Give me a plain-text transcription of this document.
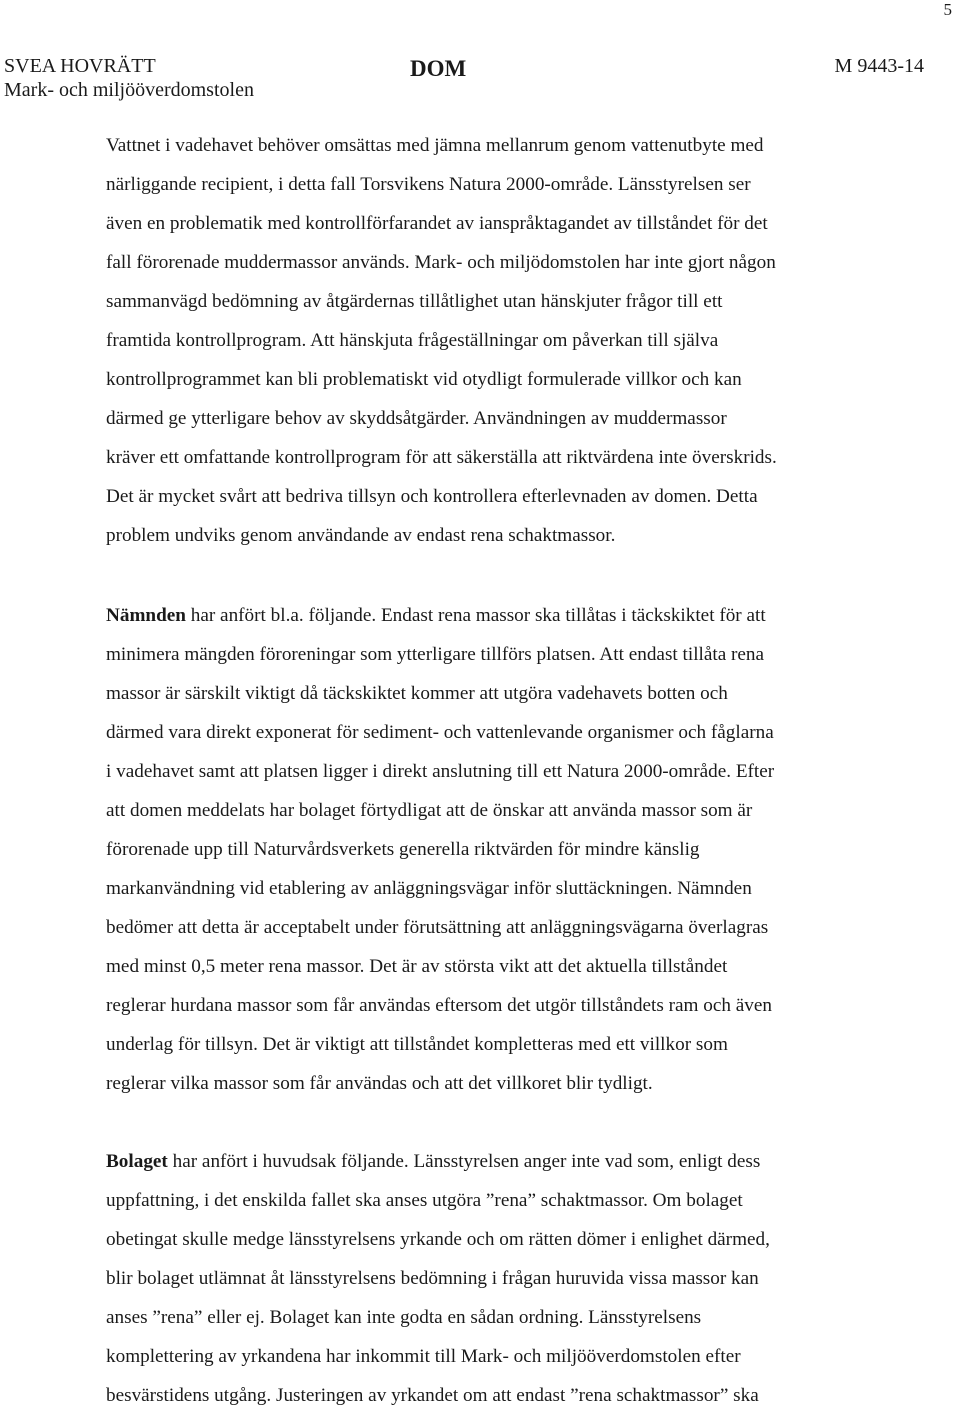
5
SVEA HOVRÄTT
Mark- och miljööverdomstolen
DOM	M 9443-14
Vattnet i vadehavet behöver omsättas med jämna mellanrum genom vattenutbyte med
närliggande recipient, i detta fall Torsvikens Natura 2000-område. Länsstyrelsen ser
även en problematik med kontrollförfarandet av ianspråktagandet av tillståndet för det
fall förorenade muddermassor används. Mark- och miljödomstolen har inte gjort någon
sammanvägd bedömning av åtgärdernas tillåtlighet utan hänskjuter frågor till ett
framtida kontrollprogram. Att hänskjuta frågeställningar om påverkan till själva
kontrollprogrammet kan bli problematiskt vid otydligt formulerade villkor och kan
därmed ge ytterligare behov av skyddsåtgärder. Användningen av muddermassor
kräver ett omfattande kontrollprogram för att säkerställa att riktvärdena inte överskrids.
Det är mycket svårt att bedriva tillsyn och kontrollera efterlevnaden av domen. Detta
problem undviks genom användande av endast rena schaktmassor.
Nämnden har anfört bl.a. följande. Endast rena massor ska tillåtas i täckskiktet för att
minimera mängden föroreningar som ytterligare tillförs platsen. Att endast tillåta rena
massor är särskilt viktigt då täckskiktet kommer att utgöra vadehavets botten och
därmed vara direkt exponerat för sediment- och vattenlevande organismer och fåglarna
i vadehavet samt att platsen ligger i direkt anslutning till ett Natura 2000-område. Efter
att domen meddelats har bolaget förtydligat att de önskar att använda massor som är
förorenade upp till Naturvårdsverkets generella riktvärden för mindre känslig
markanvändning vid etablering av anläggningsvägar inför sluttäckningen. Nämnden
bedömer att detta är acceptabelt under förutsättning att anläggningsvägarna överlagras
med minst 0,5 meter rena massor. Det är av största vikt att det aktuella tillståndet
reglerar hurdana massor som får användas eftersom det utgör tillståndets ram och även
underlag för tillsyn. Det är viktigt att tillståndet kompletteras med ett villkor som
reglerar vilka massor som får användas och att det villkoret blir tydligt.
Bolaget har anfört i huvudsak följande. Länsstyrelsen anger inte vad som, enligt dess
uppfattning, i det enskilda fallet ska anses utgöra ”rena” schaktmassor. Om bolaget
obetingat skulle medge länsstyrelsens yrkande och om rätten dömer i enlighet därmed,
blir bolaget utlämnat åt länsstyrelsens bedömning i frågan huruvida vissa massor kan
anses ”rena” eller ej. Bolaget kan inte godta en sådan ordning. Länsstyrelsens
komplettering av yrkandena har inkommit till Mark- och miljööverdomstolen efter
besvärstidens utgång. Justeringen av yrkandet om att endast ”rena schaktmassor” ska
